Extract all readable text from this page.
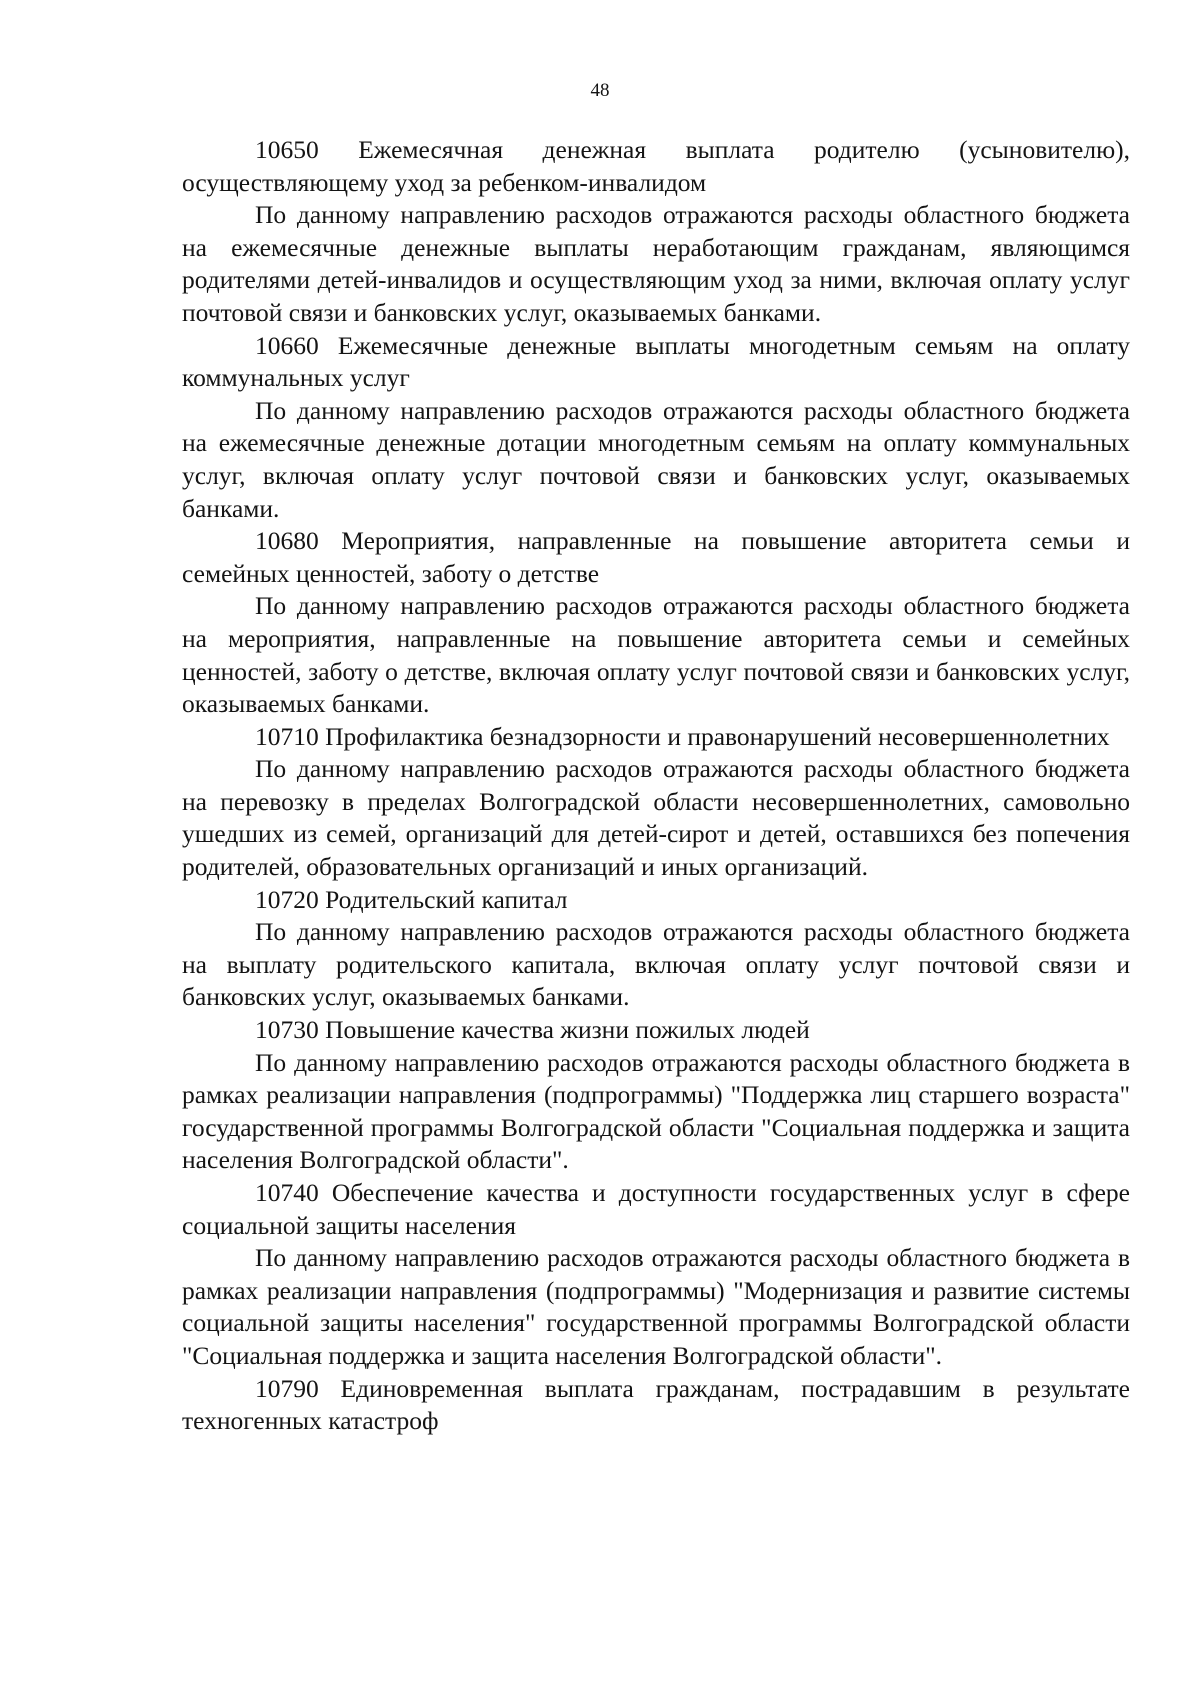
48

10650 Ежемесячная денежная выплата родителю (усыновителю), осуществляющему уход за ребенком-инвалидом

По данному направлению расходов отражаются расходы областного бюджета на ежемесячные денежные выплаты неработающим гражданам, являющимся родителями детей-инвалидов и осуществляющим уход за ними, включая оплату услуг почтовой связи и банковских услуг, оказываемых банками.

10660 Ежемесячные денежные выплаты многодетным семьям на оплату коммунальных услуг

По данному направлению расходов отражаются расходы областного бюджета на ежемесячные денежные дотации многодетным семьям на оплату коммунальных услуг, включая оплату услуг почтовой связи и банковских услуг, оказываемых банками.

10680 Мероприятия, направленные на повышение авторитета семьи и семейных ценностей, заботу о детстве

По данному направлению расходов отражаются расходы областного бюджета на мероприятия, направленные на повышение авторитета семьи и семейных ценностей, заботу о детстве, включая оплату услуг почтовой связи и банковских услуг, оказываемых банками.

10710 Профилактика безнадзорности и правонарушений несовершеннолетних

По данному направлению расходов отражаются расходы областного бюджета на перевозку в пределах Волгоградской области несовершеннолетних, самовольно ушедших из семей, организаций для детей-сирот и детей, оставшихся без попечения родителей, образовательных организаций и иных организаций.

10720 Родительский капитал

По данному направлению расходов отражаются расходы областного бюджета на выплату родительского капитала, включая оплату услуг почтовой связи и банковских услуг, оказываемых банками.

10730 Повышение качества жизни пожилых людей

По данному направлению расходов отражаются расходы областного бюджета в рамках реализации направления (подпрограммы) "Поддержка лиц старшего возраста" государственной программы Волгоградской области "Социальная поддержка и защита населения Волгоградской области".

10740 Обеспечение качества и доступности государственных услуг в сфере социальной защиты населения

По данному направлению расходов отражаются расходы областного бюджета в рамках реализации направления (подпрограммы) "Модернизация и развитие системы социальной защиты населения" государственной программы Волгоградской области "Социальная поддержка и защита населения Волгоградской области".

10790 Единовременная выплата гражданам, пострадавшим в результате техногенных катастроф
